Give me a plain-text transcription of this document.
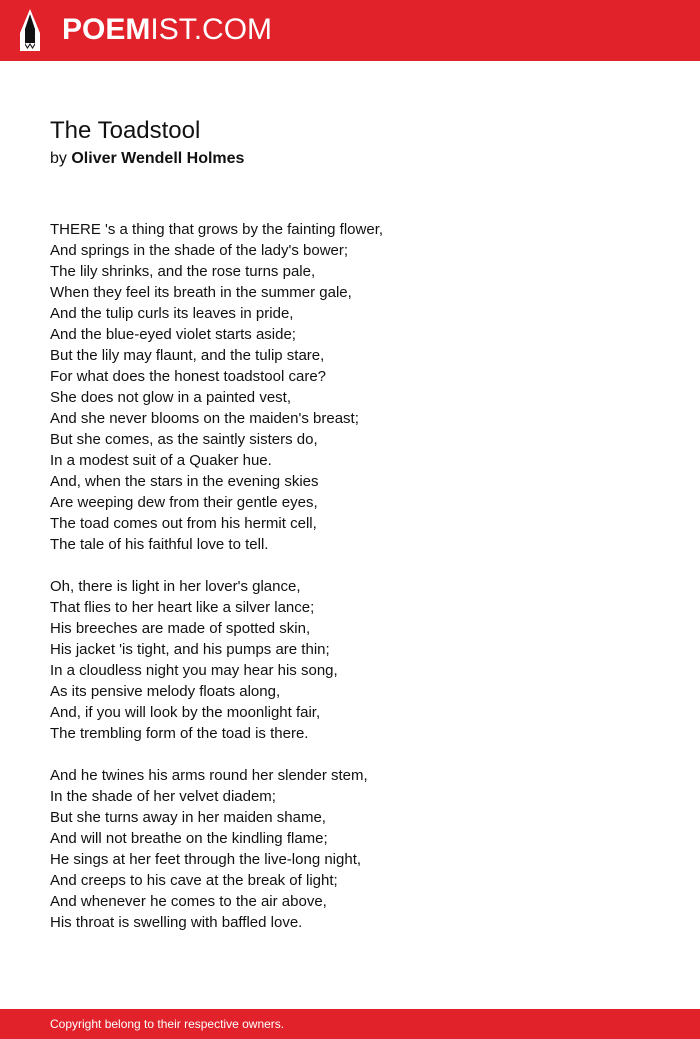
POEMIST.COM
The Toadstool
by Oliver Wendell Holmes
THERE 's a thing that grows by the fainting flower,
And springs in the shade of the lady's bower;
The lily shrinks, and the rose turns pale,
When they feel its breath in the summer gale,
And the tulip curls its leaves in pride,
And the blue-eyed violet starts aside;
But the lily may flaunt, and the tulip stare,
For what does the honest toadstool care?
She does not glow in a painted vest,
And she never blooms on the maiden's breast;
But she comes, as the saintly sisters do,
In a modest suit of a Quaker hue.
And, when the stars in the evening skies
Are weeping dew from their gentle eyes,
The toad comes out from his hermit cell,
The tale of his faithful love to tell.
Oh, there is light in her lover's glance,
That flies to her heart like a silver lance;
His breeches are made of spotted skin,
His jacket 'is tight, and his pumps are thin;
In a cloudless night you may hear his song,
As its pensive melody floats along,
And, if you will look by the moonlight fair,
The trembling form of the toad is there.
And he twines his arms round her slender stem,
In the shade of her velvet diadem;
But she turns away in her maiden shame,
And will not breathe on the kindling flame;
He sings at her feet through the live-long night,
And creeps to his cave at the break of light;
And whenever he comes to the air above,
His throat is swelling with baffled love.
Copyright belong to their respective owners.
